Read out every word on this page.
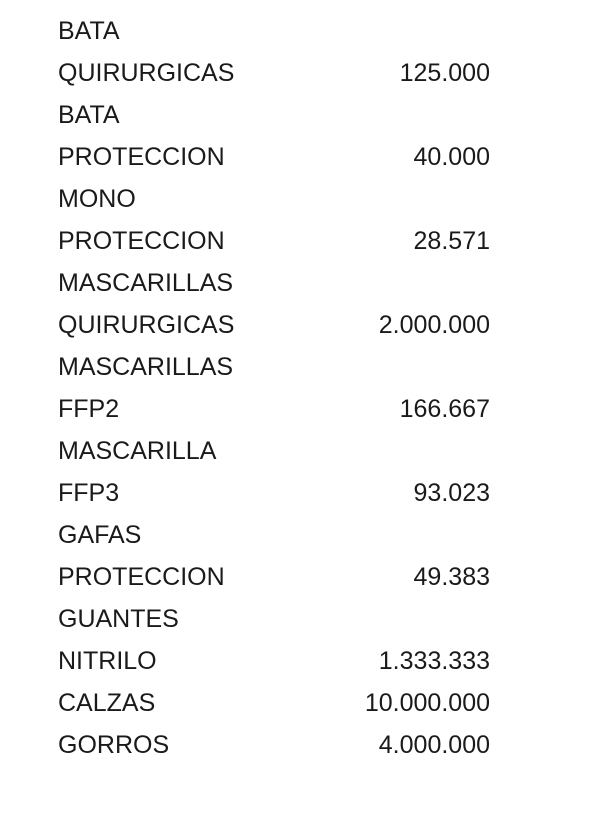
BATA
QUIRURGICAS	125.000
BATA
PROTECCION	40.000
MONO
PROTECCION	28.571
MASCARILLAS
QUIRURGICAS	2.000.000
MASCARILLAS
FFP2	166.667
MASCARILLA
FFP3	93.023
GAFAS
PROTECCION	49.383
GUANTES
NITRILO	1.333.333
CALZAS	10.000.000
GORROS	4.000.000
